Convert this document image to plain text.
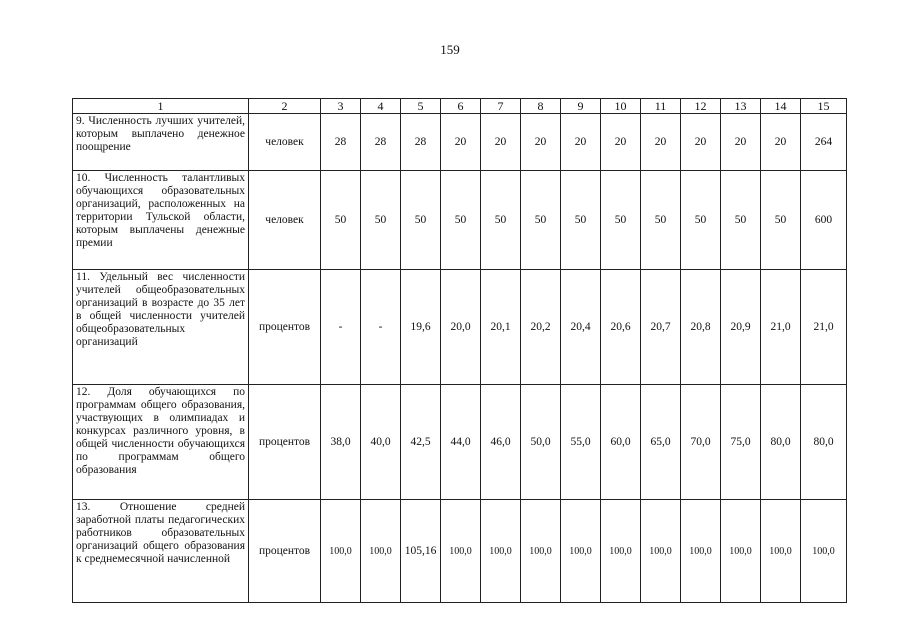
159
1	2	3	4	5	6	7	8	9	10	11	12	13	14	15
9. Численность лучших учителей, которым выплачено денежное поощрение	человек	28	28	28	20	20	20	20	20	20	20	20	20	264
10. Численность талантливых обучающихся образовательных организаций, расположенных на территории Тульской области, которым выплачены денежные премии	человек	50	50	50	50	50	50	50	50	50	50	50	50	600
11. Удельный вес численности учителей общеобразовательных организаций в возрасте до 35 лет в общей численности учителей общеобразовательных организаций	процентов	-	-	19,6	20,0	20,1	20,2	20,4	20,6	20,7	20,8	20,9	21,0	21,0
12. Доля обучающихся по программам общего образования, участвующих в олимпиадах и конкурсах различного уровня, в общей численности обучающихся по программам общего образования	процентов	38,0	40,0	42,5	44,0	46,0	50,0	55,0	60,0	65,0	70,0	75,0	80,0	80,0
13. Отношение средней заработной платы педагогических работников образовательных организаций общего образования к среднемесячной начисленной	процентов	100,0	100,0	105,16	100,0	100,0	100,0	100,0	100,0	100,0	100,0	100,0	100,0	100,0
